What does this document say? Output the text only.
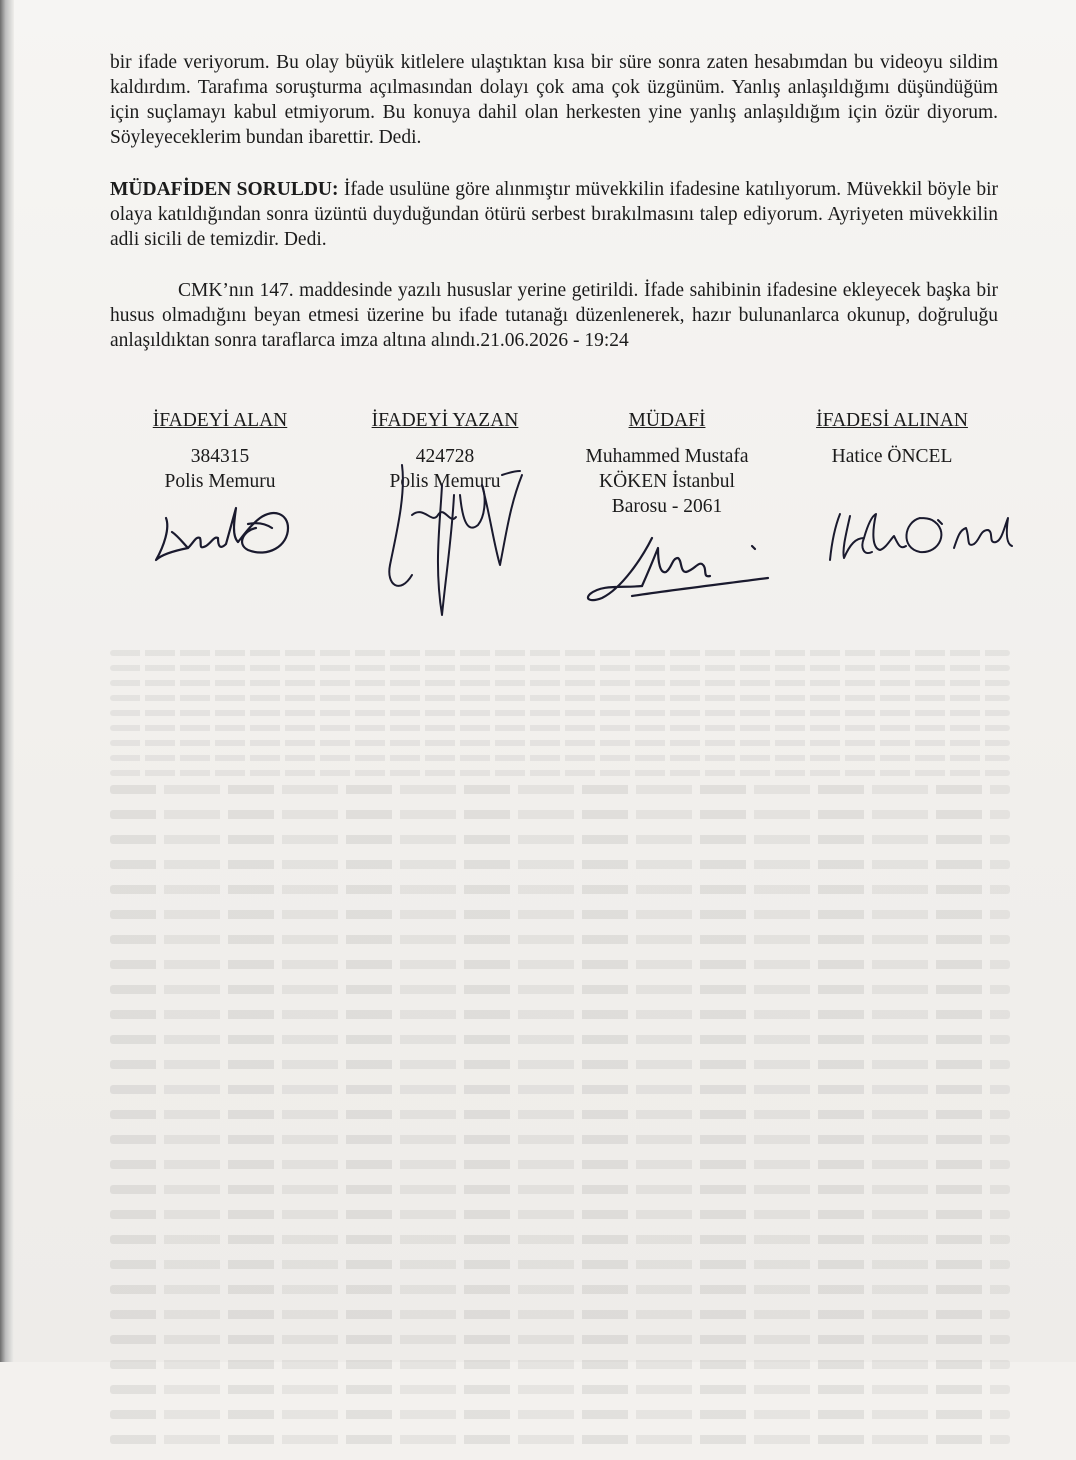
bir ifade veriyorum. Bu olay büyük kitlelere ulaştıktan kısa bir süre sonra zaten hesabımdan bu videoyu sildim kaldırdım. Tarafıma soruşturma açılmasından dolayı çok ama çok üzgünüm. Yanlış anlaşıldığımı düşündüğüm için suçlamayı kabul etmiyorum. Bu konuya dahil olan herkesten yine yanlış anlaşıldığım için özür diyorum. Söyleyeceklerim bundan ibarettir. Dedi.

MÜDAFİDEN SORULDU: İfade usulüne göre alınmıştır müvekkilin ifadesine katılıyorum. Müvekkil böyle bir olaya katıldığından sonra üzüntü duyduğundan ötürü serbest bırakılmasını talep ediyorum. Ayriyeten müvekkilin adli sicili de temizdir. Dedi.

CMK’nın 147. maddesinde yazılı hususlar yerine getirildi. İfade sahibinin ifadesine ekleyecek başka bir husus olmadığını beyan etmesi üzerine bu ifade tutanağı düzenlenerek, hazır bulunanlarca okunup, doğruluğu anlaşıldıktan sonra taraflarca imza altına alındı.21.06.2026 - 19:24

İFADEYİ ALAN
384315
Polis Memuru
İFADEYİ YAZAN
424728
Polis Memuru
MÜDAFİ
Muhammed Mustafa
KÖKEN İstanbul
Barosu - 2061
İFADESİ ALINAN
Hatice ÖNCEL
